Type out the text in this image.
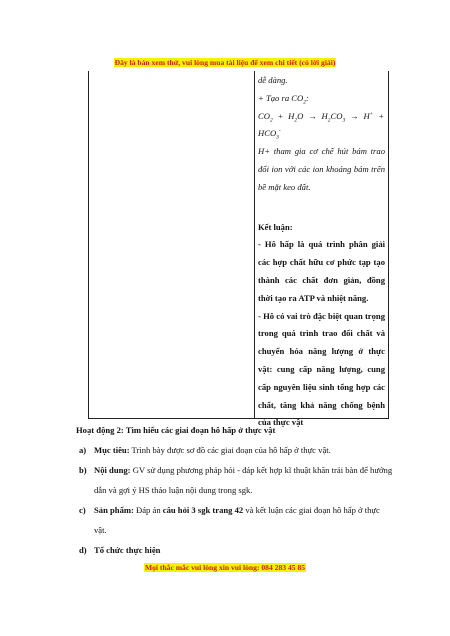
Đây là bản xem thử, vui lòng mua tài liệu để xem chi tiết (có lời giải)

dễ dàng.

+ Tạo ra $CO_2$:

$CO_2 + H_2O \to H_2CO_3 \to H^+$ +

$HCO_3^-$

H+ tham gia cơ chế hút bám trao đổi ion với các ion khoáng bám trên bề mặt keo đất.

Kết luận:

- Hô hấp là quá trình phân giải các hợp chất hữu cơ phức tạp tạo thành các chất đơn giản, đồng thời tạo ra ATP và nhiệt năng.

- Hô có vai trò đặc biệt quan trọng trong quá trình trao đổi chất và chuyển hóa năng lượng ở thực vật: cung cấp năng lượng, cung cấp nguyên liệu sinh tổng hợp các chất, tăng khả năng chống bệnh của thực vật

Hoạt động 2: Tìm hiểu các giai đoạn hô hấp ở thực vật

a) Mục tiêu: Trình bày được sơ đồ các giai đoạn của hô hấp ở thực vật.

b) Nội dung: GV sử dụng phương pháp hỏi - đáp kết hợp kĩ thuật khăn trải bàn để hướng dẫn và gợi ý HS thảo luận nội dung trong sgk.

c) Sản phẩm: Đáp án câu hỏi 3 sgk trang 42 và kết luận các giai đoạn hô hấp ở thực vật.

d) Tổ chức thực hiện

Mọi thắc mắc vui lòng xin vui lòng: 084 283 45 85
